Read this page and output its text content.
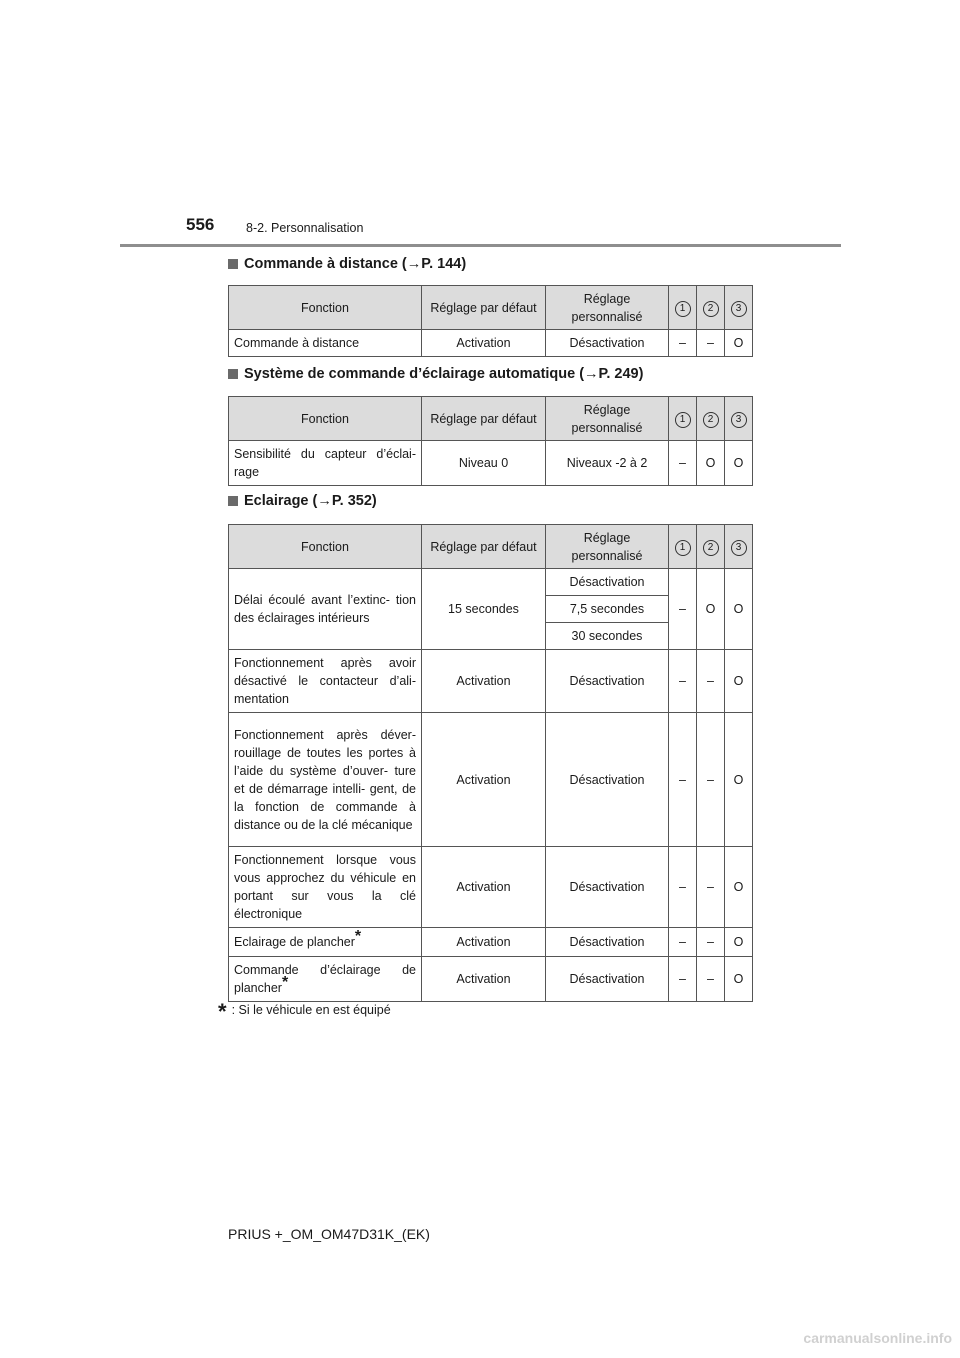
556	8-2. Personnalisation
Commande à distance (→P. 144)
Fonction	Réglage par défaut	Réglage personnalisé	1	2	3
Commande à distance	Activation	Désactivation	–	–	O
Système de commande d’éclairage automatique (→P. 249)
Fonction	Réglage par défaut	Réglage personnalisé	1	2	3
Sensibilité du capteur d’éclai- rage	Niveau 0	Niveaux -2 à 2	–	O	O
Eclairage (→P. 352)
Fonction	Réglage par défaut	Réglage personnalisé	1	2	3
Délai écoulé avant l’extinc- tion des éclairages intérieurs	15 secondes	Désactivation	–	O	O
		7,5 secondes			
		30 secondes			
Fonctionnement après avoir désactivé le contacteur d’ali- mentation	Activation	Désactivation	–	–	O
Fonctionnement après déver- rouillage de toutes les portes à l’aide du système d’ouver- ture et de démarrage intelli- gent, de la fonction de commande à distance ou de la clé mécanique	Activation	Désactivation	–	–	O
Fonctionnement lorsque vous vous approchez du véhicule en portant sur vous la clé électronique	Activation	Désactivation	–	–	O
Eclairage de plancher*	Activation	Désactivation	–	–	O
Commande d’éclairage de plancher*	Activation	Désactivation	–	–	O
* : Si le véhicule en est équipé
PRIUS +_OM_OM47D31K_(EK)
carmanualsonline.info
